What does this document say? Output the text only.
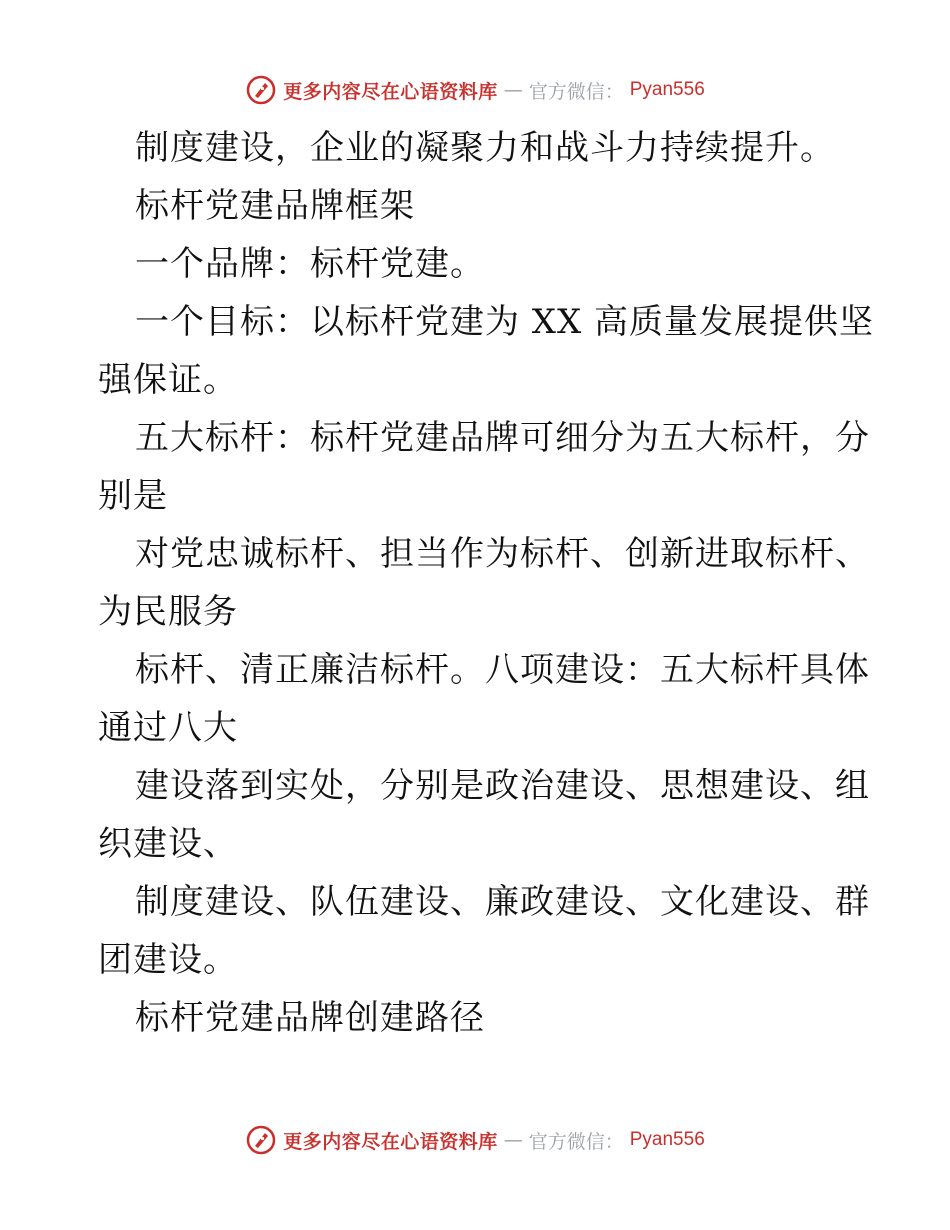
更多内容尽在心语资料库 — 官方微信： Pyan556
制度建设，企业的凝聚力和战斗力持续提升。
标杆党建品牌框架
一个品牌：标杆党建。
一个目标：以标杆党建为 XX 高质量发展提供坚
强保证。
五大标杆：标杆党建品牌可细分为五大标杆，分
别是
对党忠诚标杆、担当作为标杆、创新进取标杆、
为民服务
标杆、清正廉洁标杆。八项建设：五大标杆具体
通过八大
建设落到实处，分别是政治建设、思想建设、组
织建设、
制度建设、队伍建设、廉政建设、文化建设、群
团建设。
标杆党建品牌创建路径
更多内容尽在心语资料库 — 官方微信： Pyan556
